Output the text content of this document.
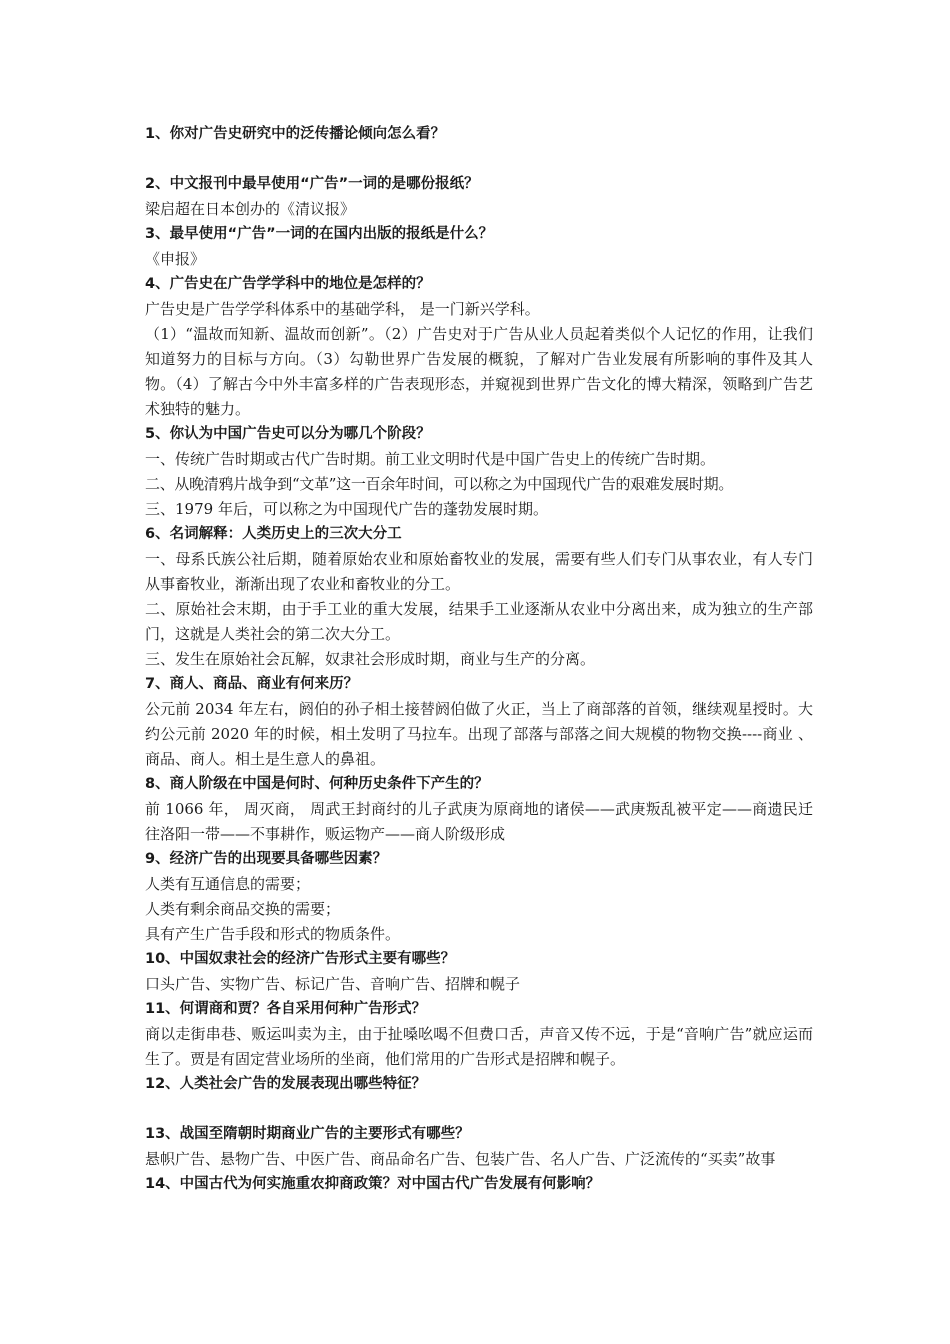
1、你对广告史研究中的泛传播论倾向怎么看？

2、中文报刊中最早使用“广告”一词的是哪份报纸？

梁启超在日本创办的《清议报》

3、最早使用“广告”一词的在国内出版的报纸是什么？

《申报》

4、广告史在广告学学科中的地位是怎样的？

广告史是广告学学科体系中的基础学科， 是一门新兴学科。

（1）“温故而知新、温故而创新”。（2）广告史对于广告从业人员起着类似个人记忆的作用，让我们知道努力的目标与方向。（3）勾勒世界广告发展的概貌，了解对广告业发展有所影响的事件及其人物。（4）了解古今中外丰富多样的广告表现形态，并窥视到世界广告文化的博大精深，领略到广告艺术独特的魅力。

5、你认为中国广告史可以分为哪几个阶段？

一、传统广告时期或古代广告时期。前工业文明时代是中国广告史上的传统广告时期。

二、从晚清鸦片战争到“文革”这一百余年时间，可以称之为中国现代广告的艰难发展时期。

三、1979 年后，可以称之为中国现代广告的蓬勃发展时期。

6、名词解释：人类历史上的三次大分工

一、母系氏族公社后期，随着原始农业和原始畜牧业的发展，需要有些人们专门从事农业，有人专门从事畜牧业，渐渐出现了农业和畜牧业的分工。

二、原始社会末期，由于手工业的重大发展，结果手工业逐渐从农业中分离出来，成为独立的生产部门，这就是人类社会的第二次大分工。

三、发生在原始社会瓦解，奴隶社会形成时期，商业与生产的分离。

7、商人、商品、商业有何来历？

公元前 2034 年左右，阏伯的孙子相土接替阏伯做了火正，当上了商部落的首领，继续观星授时。大约公元前 2020 年的时候，相土发明了马拉车。出现了部落与部落之间大规模的物物交换----商业 、商品、商人。相土是生意人的鼻祖。

8、商人阶级在中国是何时、何种历史条件下产生的？

前 1066 年， 周灭商， 周武王封商纣的儿子武庚为原商地的诸侯——武庚叛乱被平定——商遗民迁往洛阳一带——不事耕作，贩运物产——商人阶级形成

9、经济广告的出现要具备哪些因素？

人类有互通信息的需要；

人类有剩余商品交换的需要；

具有产生广告手段和形式的物质条件。

10、中国奴隶社会的经济广告形式主要有哪些？

口头广告、实物广告、标记广告、音响广告、招牌和幌子

11、何谓商和贾？各自采用何种广告形式？

商以走街串巷、贩运叫卖为主，由于扯嗓吆喝不但费口舌，声音又传不远，于是“音响广告”就应运而生了。贾是有固定营业场所的坐商，他们常用的广告形式是招牌和幌子。

12、人类社会广告的发展表现出哪些特征？

13、战国至隋朝时期商业广告的主要形式有哪些？

悬帜广告、悬物广告、中医广告、商品命名广告、包装广告、名人广告、广泛流传的“买卖”故事

14、中国古代为何实施重农抑商政策？对中国古代广告发展有何影响？
